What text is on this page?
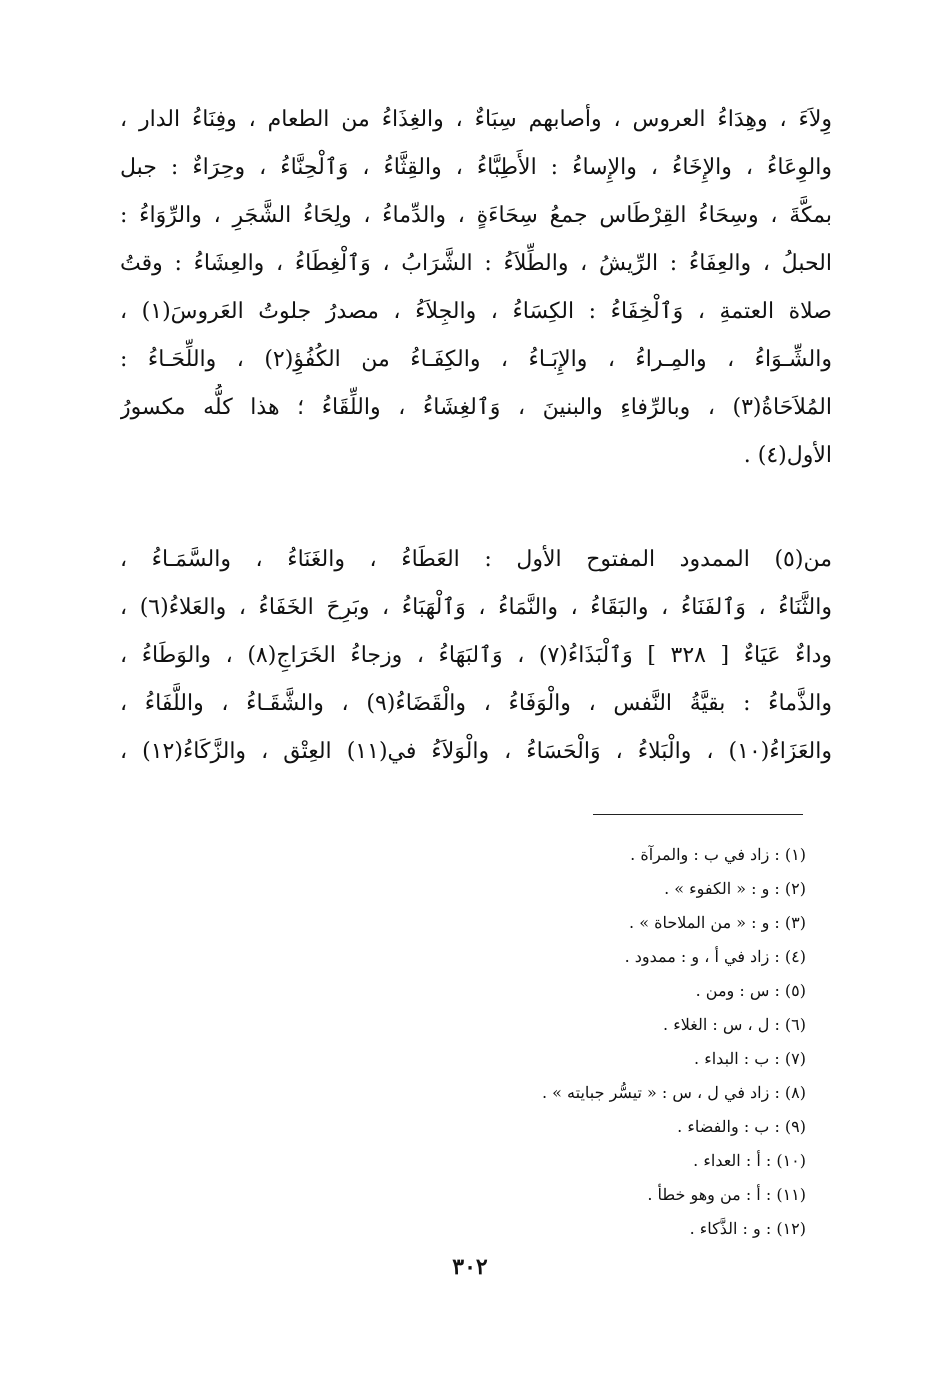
وِلاَءَ ، وهِدَاءُ العروس ، وأصابهم سِبَاءٌ ، والغِذَاءُ من الطعام ، وفِنَاءُ الدار ،
والوِعَاءُ ، والإِخَاءُ ، والإِساءُ : الأَطِبَّاءُ ، والقِثَّاءُ ، وَٱلْحِنَّاءُ ، وحِرَاءٌ : جبل
بمكَّةَ ، وسِحَاءُ القِرْطَاس جمعُ سِحَاءَةٍ ، والدِّماءُ ، ولِحَاءُ الشَّجَرِ ، والرِّوَاءُ :
الحبلُ ، والعِفَاءُ : الرِّيشُ ، والطِّلاَءُ : الشَّرَابُ ، وَٱلْغِطَاءُ ، والعِشَاءُ : وقتُ
صلاة العتمةِ ، وَٱلْخِفَاءُ : الكِسَاءُ ، والجِلاَءُ ، مصدرُ جلوتُ العَروسَ(١) ،
والشِّـوَاءُ ، والمِـراءُ ، والإِبَـاءُ ، والكِفَـاءُ من الكُفُؤِ(٢) ، واللِّحَـاءُ :
المُلاَحَاةُ(٣) ، وبالرِّفاءِ والبنينَ ، وَٱلغِشَاءُ ، واللِّقَاءُ ؛ هذا كلُّه مكسورُ
الأول(٤) .
من(٥) الممدود المفتوح الأول : العَطَاءُ ، والغَنَاءُ ، والسَّمَـاءُ ،
والثَّنَاءُ ، وَٱلفَنَاءُ ، والبَقَاءُ ، والنَّمَاءُ ، وَٱلْهَبَاءُ ، وبَرِحَ الخَفَاءُ ، والعَلاءُ(٦) ،
وداءٌ عَيَاءٌ [ ٣٢٨ ] وَٱلْبَذَاءُ(٧) ، وَٱلبَهَاءُ ، وزجاءُ الخَرَاجِ(٨) ، والوَطَاءُ ،
والذَّماءُ : بقيَّةُ النَّفس ، والْوَفَاءُ ، والْقَضَاءُ(٩) ، والشَّقَـاءُ ، واللَّفَاءُ ،
والعَزَاءُ(١٠) ، والْبَلاءُ ، وَالْحَسَاءُ ، والْوَلاَءُ في(١١) العِتْق ، والزَّكَاءُ(١٢) ،
(١) : زاد في ب : والمرآة .
(٢) : و : « الكفوء » .
(٣) : و : « من الملاحاة » .
(٤) : زاد في أ ، و : ممدود .
(٥) : س : ومن .
(٦) : ل ، س : الغلاء .
(٧) : ب : البداء .
(٨) : زاد في ل ، س : « تيسُّر جبايته » .
(٩) : ب : والفضاء .
(١٠) : أ : العداء .
(١١) : أ : من وهو خطأ .
(١٢) : و : الذَّكاء .
٣٠٢
